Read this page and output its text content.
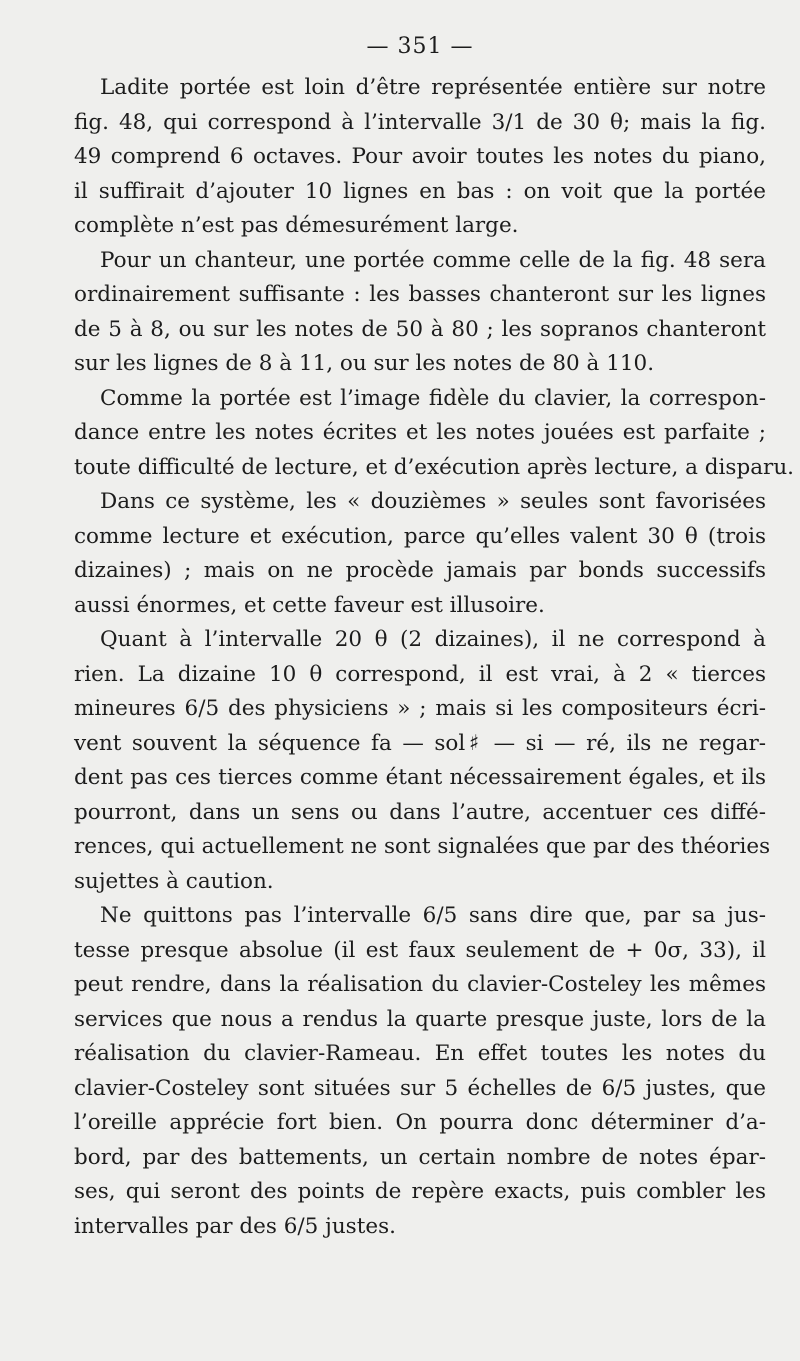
— 351 —

Ladite portée est loin d’être représentée entière sur notre
fig. 48, qui correspond à l’intervalle 3/1 de 30 θ; mais la fig.
49 comprend 6 octaves. Pour avoir toutes les notes du piano,
il suffirait d’ajouter 10 lignes en bas : on voit que la portée
complète n’est pas démesurément large.

Pour un chanteur, une portée comme celle de la fig. 48 sera
ordinairement suffisante : les basses chanteront sur les lignes
de 5 à 8, ou sur les notes de 50 à 80 ; les sopranos chanteront
sur les lignes de 8 à 11, ou sur les notes de 80 à 110.

Comme la portée est l’image fidèle du clavier, la correspon-
dance entre les notes écrites et les notes jouées est parfaite ;
toute difficulté de lecture, et d’exécution après lecture, a disparu.

Dans ce système, les « douzièmes » seules sont favorisées
comme lecture et exécution, parce qu’elles valent 30 θ (trois
dizaines) ; mais on ne procède jamais par bonds successifs
aussi énormes, et cette faveur est illusoire.

Quant à l’intervalle 20 θ (2 dizaines), il ne correspond à
rien. La dizaine 10 θ correspond, il est vrai, à 2 « tierces
mineures 6/5 des physiciens » ; mais si les compositeurs écri-
vent souvent la séquence fa — sol♯ — si — ré, ils ne regar-
dent pas ces tierces comme étant nécessairement égales, et ils
pourront, dans un sens ou dans l’autre, accentuer ces diffé-
rences, qui actuellement ne sont signalées que par des théories
sujettes à caution.

Ne quittons pas l’intervalle 6/5 sans dire que, par sa jus-
tesse presque absolue (il est faux seulement de + 0σ, 33), il
peut rendre, dans la réalisation du clavier-Costeley les mêmes
services que nous a rendus la quarte presque juste, lors de la
réalisation du clavier-Rameau. En effet toutes les notes du
clavier-Costeley sont situées sur 5 échelles de 6/5 justes, que
l’oreille apprécie fort bien. On pourra donc déterminer d’a-
bord, par des battements, un certain nombre de notes épar-
ses, qui seront des points de repère exacts, puis combler les
intervalles par des 6/5 justes.
